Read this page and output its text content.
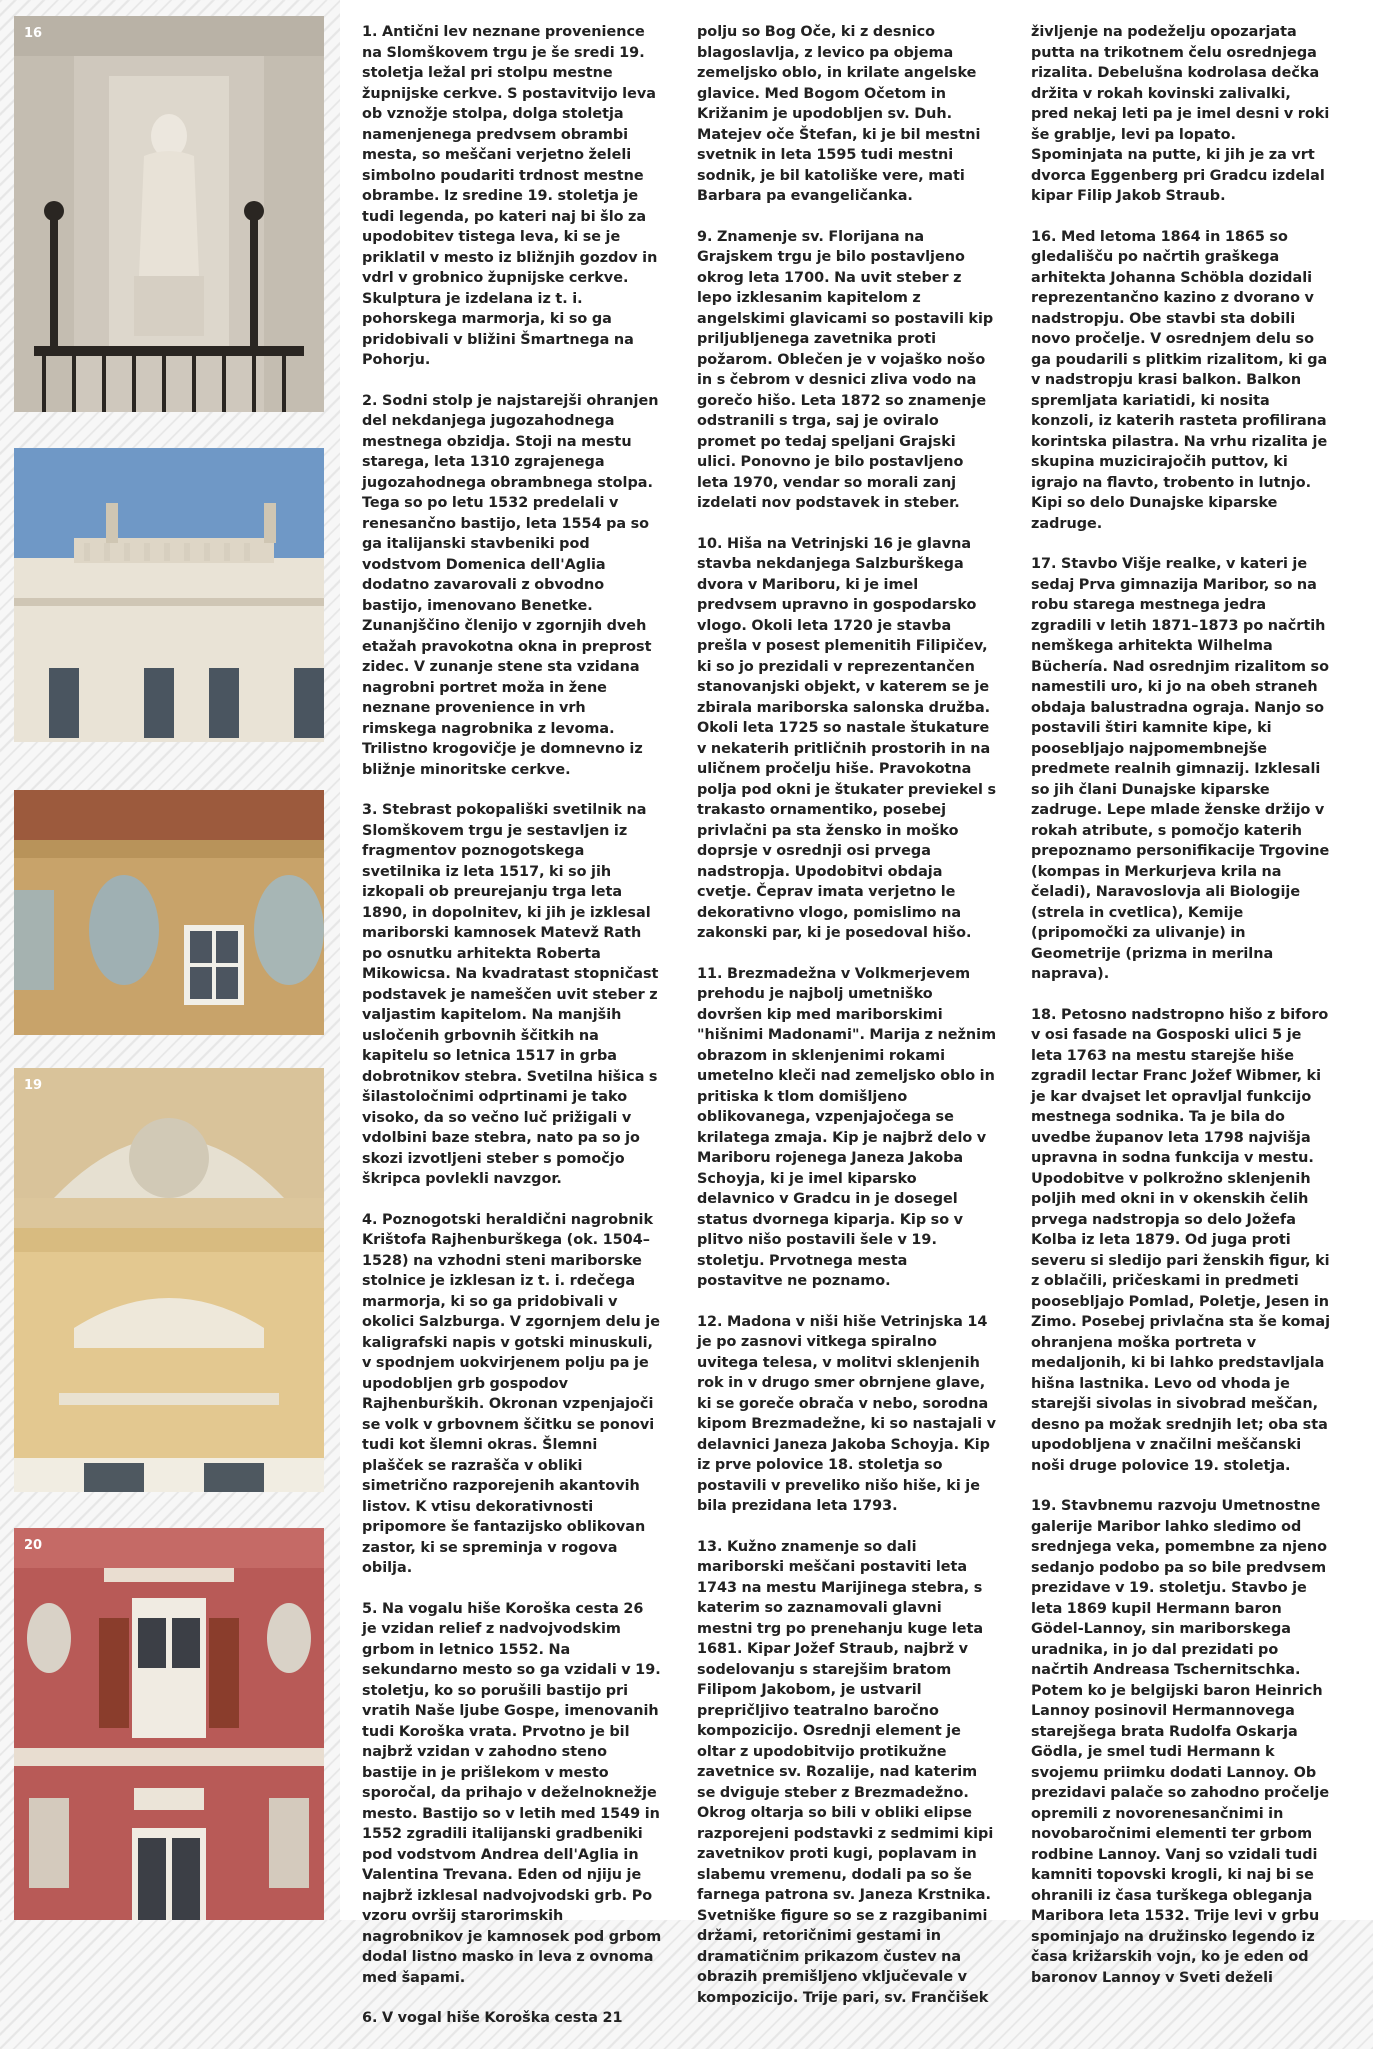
16
19
20

1. Antični lev neznane provenience na Slomškovem trgu je še sredi 19. stoletja ležal pri stolpu mestne župnijske cerkve. S postavitvijo leva ob vznožje stolpa, dolga stoletja namenjenega predvsem obrambi mesta, so meščani verjetno želeli simbolno poudariti trdnost mestne obrambe. Iz sredine 19. stoletja je tudi legenda, po kateri naj bi šlo za upodobitev tistega leva, ki se je priklatil v mesto iz bližnjih gozdov in vdrl v grobnico župnijske cerkve. Skulptura je izdelana iz t. i. pohorskega marmorja, ki so ga pridobivali v bližini Šmartnega na Pohorju.

2. Sodni stolp je najstarejši ohranjen del nekdanjega jugozahodnega mestnega obzidja. Stoji na mestu starega, leta 1310 zgrajenega jugozahodnega obrambnega stolpa. Tega so po letu 1532 predelali v renesančno bastijo, leta 1554 pa so ga italijanski stavbeniki pod vodstvom Domenica dell'Aglia dodatno zavarovali z obvodno bastijo, imenovano Benetke. Zunanjščino členijo v zgornjih dveh etažah pravokotna okna in preprost zidec. V zunanje stene sta vzidana nagrobni portret moža in žene neznane provenience in vrh rimskega nagrobnika z levoma. Trilistno krogovičje je domnevno iz bližnje minoritske cerkve.

3. Stebrast pokopališki svetilnik na Slomškovem trgu je sestavljen iz fragmentov poznogotskega svetilnika iz leta 1517, ki so jih izkopali ob preurejanju trga leta 1890, in dopolnitev, ki jih je izklesal mariborski kamnosek Matevž Rath po osnutku arhitekta Roberta Mikowicsa. Na kvadratast stopničast podstavek je nameščen uvit steber z valjastim kapitelom. Na manjših usločenih grbovnih ščitkih na kapitelu so letnica 1517 in grba dobrotnikov stebra. Svetilna hišica s šilastoločnimi odprtinami je tako visoko, da so večno luč prižigali v vdolbini baze stebra, nato pa so jo skozi izvotljeni steber s pomočjo škripca povlekli navzgor.

4. Poznogotski heraldični nagrobnik Krištofa Rajhenburškega (ok. 1504–1528) na vzhodni steni mariborske stolnice je izklesan iz t. i. rdečega marmorja, ki so ga pridobivali v okolici Salzburga. V zgornjem delu je kaligrafski napis v gotski minuskuli, v spodnjem uokvirjenem polju pa je upodobljen grb gospodov Rajhenburških. Okronan vzpenjajoči se volk v grbovnem ščitku se ponovi tudi kot šlemni okras. Šlemni plašček se razrašča v obliki simetrično razporejenih akantovih listov. K vtisu dekorativnosti pripomore še fantazijsko oblikovan zastor, ki se spreminja v rogova obilja.

5. Na vogalu hiše Koroška cesta 26 je vzidan relief z nadvojvodskim grbom in letnico 1552. Na sekundarno mesto so ga vzidali v 19. stoletju, ko so porušili bastijo pri vratih Naše ljube Gospe, imenovanih tudi Koroška vrata. Prvotno je bil najbrž vzidan v zahodno steno bastije in je prišlekom v mesto sporočal, da prihajo v deželnoknežje mesto. Bastijo so v letih med 1549 in 1552 zgradili italijanski gradbeniki pod vodstvom Andrea dell'Aglia in Valentina Trevana. Eden od njiju je najbrž izklesal nadvojvodski grb. Po vzoru ovršij starorimskih nagrobnikov je kamnosek pod grbom dodal listno masko in leva z ovnoma med šapami.

6. V vogal hiše Koroška cesta 21

polju so Bog Oče, ki z desnico blagoslavlja, z levico pa objema zemeljsko oblo, in krilate angelske glavice. Med Bogom Očetom in Križanim je upodobljen sv. Duh. Matejev oče Štefan, ki je bil mestni svetnik in leta 1595 tudi mestni sodnik, je bil katoliške vere, mati Barbara pa evangeličanka.

9. Znamenje sv. Florijana na Grajskem trgu je bilo postavljeno okrog leta 1700. Na uvit steber z lepo izklesanim kapitelom z angelskimi glavicami so postavili kip priljubljenega zavetnika proti požarom. Oblečen je v vojaško nošo in s čebrom v desnici zliva vodo na gorečo hišo. Leta 1872 so znamenje odstranili s trga, saj je oviralo promet po tedaj speljani Grajski ulici. Ponovno je bilo postavljeno leta 1970, vendar so morali zanj izdelati nov podstavek in steber.

10. Hiša na Vetrinjski 16 je glavna stavba nekdanjega Salzburškega dvora v Mariboru, ki je imel predvsem upravno in gospodarsko vlogo. Okoli leta 1720 je stavba prešla v posest plemenitih Filipičev, ki so jo prezidali v reprezentančen stanovanjski objekt, v katerem se je zbirala mariborska salonska družba. Okoli leta 1725 so nastale štukature v nekaterih pritličnih prostorih in na uličnem pročelju hiše. Pravokotna polja pod okni je štukater previekel s trakasto ornamentiko, posebej privlačni pa sta žensko in moško doprsje v osrednji osi prvega nadstropja. Upodobitvi obdaja cvetje. Čeprav imata verjetno le dekorativno vlogo, pomislimo na zakonski par, ki je posedoval hišo.

11. Brezmadežna v Volkmerjevem prehodu je najbolj umetniško dovršen kip med mariborskimi "hišnimi Madonami". Marija z nežnim obrazom in sklenjenimi rokami umetelno kleči nad zemeljsko oblo in pritiska k tlom domišljeno oblikovanega, vzpenjajočega se krilatega zmaja. Kip je najbrž delo v Mariboru rojenega Janeza Jakoba Schoyja, ki je imel kiparsko delavnico v Gradcu in je dosegel status dvornega kiparja. Kip so v plitvo nišo postavili šele v 19. stoletju. Prvotnega mesta postavitve ne poznamo.

12. Madona v niši hiše Vetrinjska 14 je po zasnovi vitkega spiralno uvitega telesa, v molitvi sklenjenih rok in v drugo smer obrnjene glave, ki se goreče obrača v nebo, sorodna kipom Brezmadežne, ki so nastajali v delavnici Janeza Jakoba Schoyja. Kip iz prve polovice 18. stoletja so postavili v preveliko nišo hiše, ki je bila prezidana leta 1793.

13. Kužno znamenje so dali mariborski meščani postaviti leta 1743 na mestu Marijinega stebra, s katerim so zaznamovali glavni mestni trg po prenehanju kuge leta 1681. Kipar Jožef Straub, najbrž v sodelovanju s starejšim bratom Filipom Jakobom, je ustvaril prepričljivo teatralno baročno kompozicijo. Osrednji element je oltar z upodobitvijo protikužne zavetnice sv. Rozalije, nad katerim se dviguje steber z Brezmadežno. Okrog oltarja so bili v obliki elipse razporejeni podstavki z sedmimi kipi zavetnikov proti kugi, poplavam in slabemu vremenu, dodali pa so še farnega patrona sv. Janeza Krstnika. Svetniške figure so se z razgibanimi držami, retoričnimi gestami in dramatičnim prikazom čustev na obrazih premišljeno vključevale v kompozicijo. Trije pari, sv. Frančišek

življenje na podeželju opozarjata putta na trikotnem čelu osrednjega rizalita. Debelušna kodrolasa dečka držita v rokah kovinski zalivalki, pred nekaj leti pa je imel desni v roki še grablje, levi pa lopato. Spominjata na putte, ki jih je za vrt dvorca Eggenberg pri Gradcu izdelal kipar Filip Jakob Straub.

16. Med letoma 1864 in 1865 so gledališču po načrtih graškega arhitekta Johanna Schöbla dozidali reprezentančno kazino z dvorano v nadstropju. Obe stavbi sta dobili novo pročelje. V osrednjem delu so ga poudarili s plitkim rizalitom, ki ga v nadstropju krasi balkon. Balkon spremljata kariatidi, ki nosita konzoli, iz katerih rasteta profilirana korintska pilastra. Na vrhu rizalita je skupina muzicirajočih puttov, ki igrajo na flavto, trobento in lutnjo. Kipi so delo Dunajske kiparske zadruge.

17. Stavbo Višje realke, v kateri je sedaj Prva gimnazija Maribor, so na robu starega mestnega jedra zgradili v letih 1871–1873 po načrtih nemškega arhitekta Wilhelma Büchería. Nad osrednjim rizalitom so namestili uro, ki jo na obeh straneh obdaja balustradna ograja. Nanjo so postavili štiri kamnite kipe, ki poosebljajo najpomembnejše predmete realnih gimnazij. Izklesali so jih člani Dunajske kiparske zadruge. Lepe mlade ženske držijo v rokah atribute, s pomočjo katerih prepoznamo personifikacije Trgovine (kompas in Merkurjeva krila na čeladi), Naravoslovja ali Biologije (strela in cvetlica), Kemije (pripomočki za ulivanje) in Geometrije (prizma in merilna naprava).

18. Petosno nadstropno hišo z biforo v osi fasade na Gosposki ulici 5 je leta 1763 na mestu starejše hiše zgradil lectar Franc Jožef Wibmer, ki je kar dvajset let opravljal funkcijo mestnega sodnika. Ta je bila do uvedbe županov leta 1798 najvišja upravna in sodna funkcija v mestu. Upodobitve v polkrožno sklenjenih poljih med okni in v okenskih čelih prvega nadstropja so delo Jožefa Kolba iz leta 1879. Od juga proti severu si sledijo pari ženskih figur, ki z oblačili, pričeskami in predmeti poosebljajo Pomlad, Poletje, Jesen in Zimo. Posebej privlačna sta še komaj ohranjena moška portreta v medaljonih, ki bi lahko predstavljala hišna lastnika. Levo od vhoda je starejši sivolas in sivobrad meščan, desno pa možak srednjih let; oba sta upodobljena v značilni meščanski noši druge polovice 19. stoletja.

19. Stavbnemu razvoju Umetnostne galerije Maribor lahko sledimo od srednjega veka, pomembne za njeno sedanjo podobo pa so bile predvsem prezidave v 19. stoletju. Stavbo je leta 1869 kupil Hermann baron Gödel-Lannoy, sin mariborskega uradnika, in jo dal prezidati po načrtih Andreasa Tschernitschka. Potem ko je belgijski baron Heinrich Lannoy posinovil Hermannovega starejšega brata Rudolfa Oskarja Gödla, je smel tudi Hermann k svojemu priimku dodati Lannoy. Ob prezidavi palače so zahodno pročelje opremili z novorenesančnimi in novobaročnimi elementi ter grbom rodbine Lannoy. Vanj so vzidali tudi kamniti topovski krogli, ki naj bi se ohranili iz časa turškega obleganja Maribora leta 1532. Trije levi v grbu spominjajo na družinsko legendo iz časa križarskih vojn, ko je eden od baronov Lannoy v Sveti deželi
